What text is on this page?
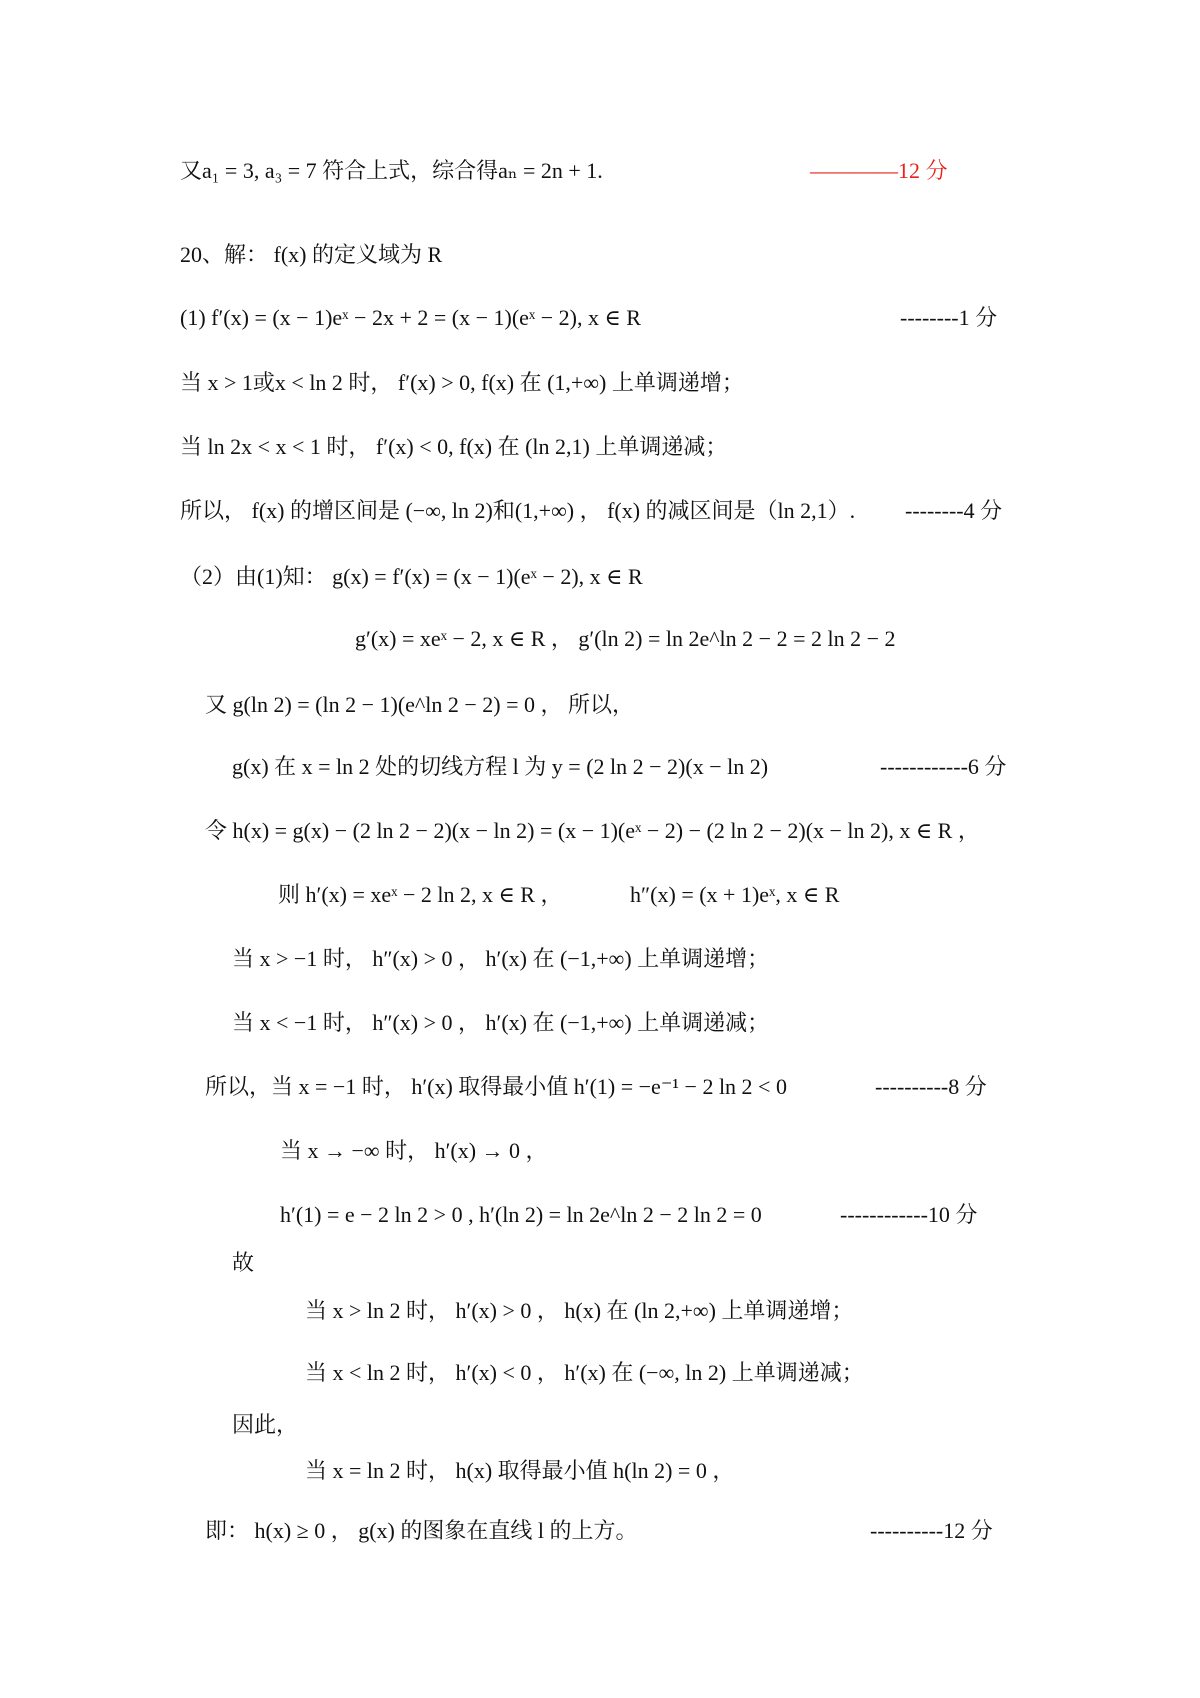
又a₁ = 3, a₃ = 7 符合上式，综合得aₙ = 2n + 1.	————12 分
20、解： f(x) 的定义域为 R
(1) f′(x) = (x − 1)eˣ − 2x + 2 = (x − 1)(eˣ − 2), x ∈ R	--------1 分
当 x > 1或x < ln 2 时， f′(x) > 0, f(x) 在 (1,+∞) 上单调递增；
当 ln 2x < x < 1 时， f′(x) < 0, f(x) 在 (ln 2,1) 上单调递减；
所以， f(x) 的增区间是 (−∞, ln 2)和(1,+∞) ， f(x) 的减区间是（ln 2,1）. --------4 分
（2）由(1)知： g(x) = f′(x) = (x − 1)(eˣ − 2), x ∈ R
g′(x) = xeˣ − 2, x ∈ R ， g′(ln 2) = ln 2e^ln 2 − 2 = 2 ln 2 − 2
又 g(ln 2) = (ln 2 − 1)(e^ln 2 − 2) = 0 ， 所以，
g(x) 在 x = ln 2 处的切线方程 l 为 y = (2 ln 2 − 2)(x − ln 2)	------------6 分
令 h(x) = g(x) − (2 ln 2 − 2)(x − ln 2) = (x − 1)(eˣ − 2) − (2 ln 2 − 2)(x − ln 2), x ∈ R ，
则 h′(x) = xeˣ − 2 ln 2, x ∈ R ，	h″(x) = (x + 1)eˣ, x ∈ R
当 x > −1 时， h″(x) > 0 ， h′(x) 在 (−1,+∞) 上单调递增；
当 x < −1 时， h″(x) > 0 ， h′(x) 在 (−1,+∞) 上单调递减；
所以，当 x = −1 时， h′(x) 取得最小值 h′(1) = −e⁻¹ − 2 ln 2 < 0	----------8 分
当 x → −∞ 时， h′(x) → 0 ，
h′(1) = e − 2 ln 2 > 0 , h′(ln 2) = ln 2e^ln 2 − 2 ln 2 = 0	------------10 分
故
当 x > ln 2 时， h′(x) > 0 ， h(x) 在 (ln 2,+∞) 上单调递增；
当 x < ln 2 时， h′(x) < 0 ， h′(x) 在 (−∞, ln 2) 上单调递减；
因此，
当 x = ln 2 时， h(x) 取得最小值 h(ln 2) = 0 ，
即： h(x) ≥ 0 ， g(x) 的图象在直线 l 的上方。	----------12 分
